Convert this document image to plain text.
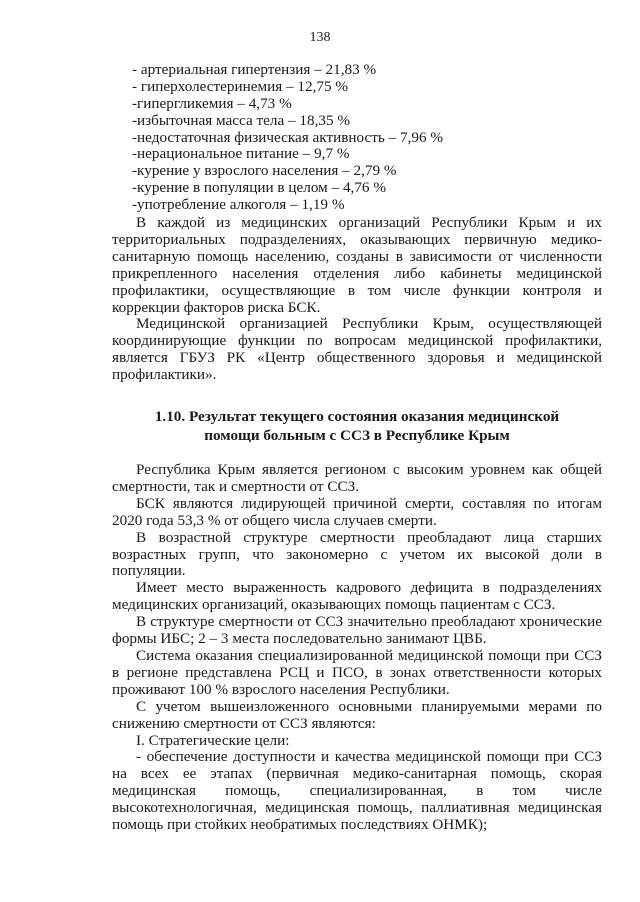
138
- артериальная гипертензия – 21,83 %
- гиперхолестеринемия – 12,75 %
-гипергликемия – 4,73 %
-избыточная масса тела – 18,35 %
-недостаточная физическая активность – 7,96 %
-нерациональное питание – 9,7 %
-курение у взрослого населения – 2,79 %
-курение в популяции в целом – 4,76 %
-употребление алкоголя – 1,19 %

В каждой из медицинских организаций Республики Крым и их территориальных подразделениях, оказывающих первичную медико-санитарную помощь населению, созданы в зависимости от численности прикрепленного населения отделения либо кабинеты медицинской профилактики, осуществляющие в том числе функции контроля и коррекции факторов риска БСК.

Медицинской организацией Республики Крым, осуществляющей координирующие функции по вопросам медицинской профилактики, является ГБУЗ РК «Центр общественного здоровья и медицинской профилактики».

1.10. Результат текущего состояния оказания медицинской
помощи больным с ССЗ в Республике Крым

Республика Крым является регионом с высоким уровнем как общей смертности, так и смертности от ССЗ.

БСК являются лидирующей причиной смерти, составляя по итогам 2020 года 53,3 % от общего числа случаев смерти.

В возрастной структуре смертности преобладают лица старших возрастных групп, что закономерно с учетом их высокой доли в популяции.

Имеет место выраженность кадрового дефицита в подразделениях медицинских организаций, оказывающих помощь пациентам с ССЗ.

В структуре смертности от ССЗ значительно преобладают хронические формы ИБС; 2 – 3 места последовательно занимают ЦВБ.

Система оказания специализированной медицинской помощи при ССЗ в регионе представлена РСЦ и ПСО, в зонах ответственности которых проживают 100 % взрослого населения Республики.

С учетом вышеизложенного основными планируемыми мерами по снижению смертности от ССЗ являются:

I. Стратегические цели:

- обеспечение доступности и качества медицинской помощи при ССЗ на всех ее этапах (первичная медико-санитарная помощь, скорая медицинская помощь, специализированная, в том числе высокотехнологичная, медицинская помощь, паллиативная медицинская помощь при стойких необратимых последствиях ОНМК);
